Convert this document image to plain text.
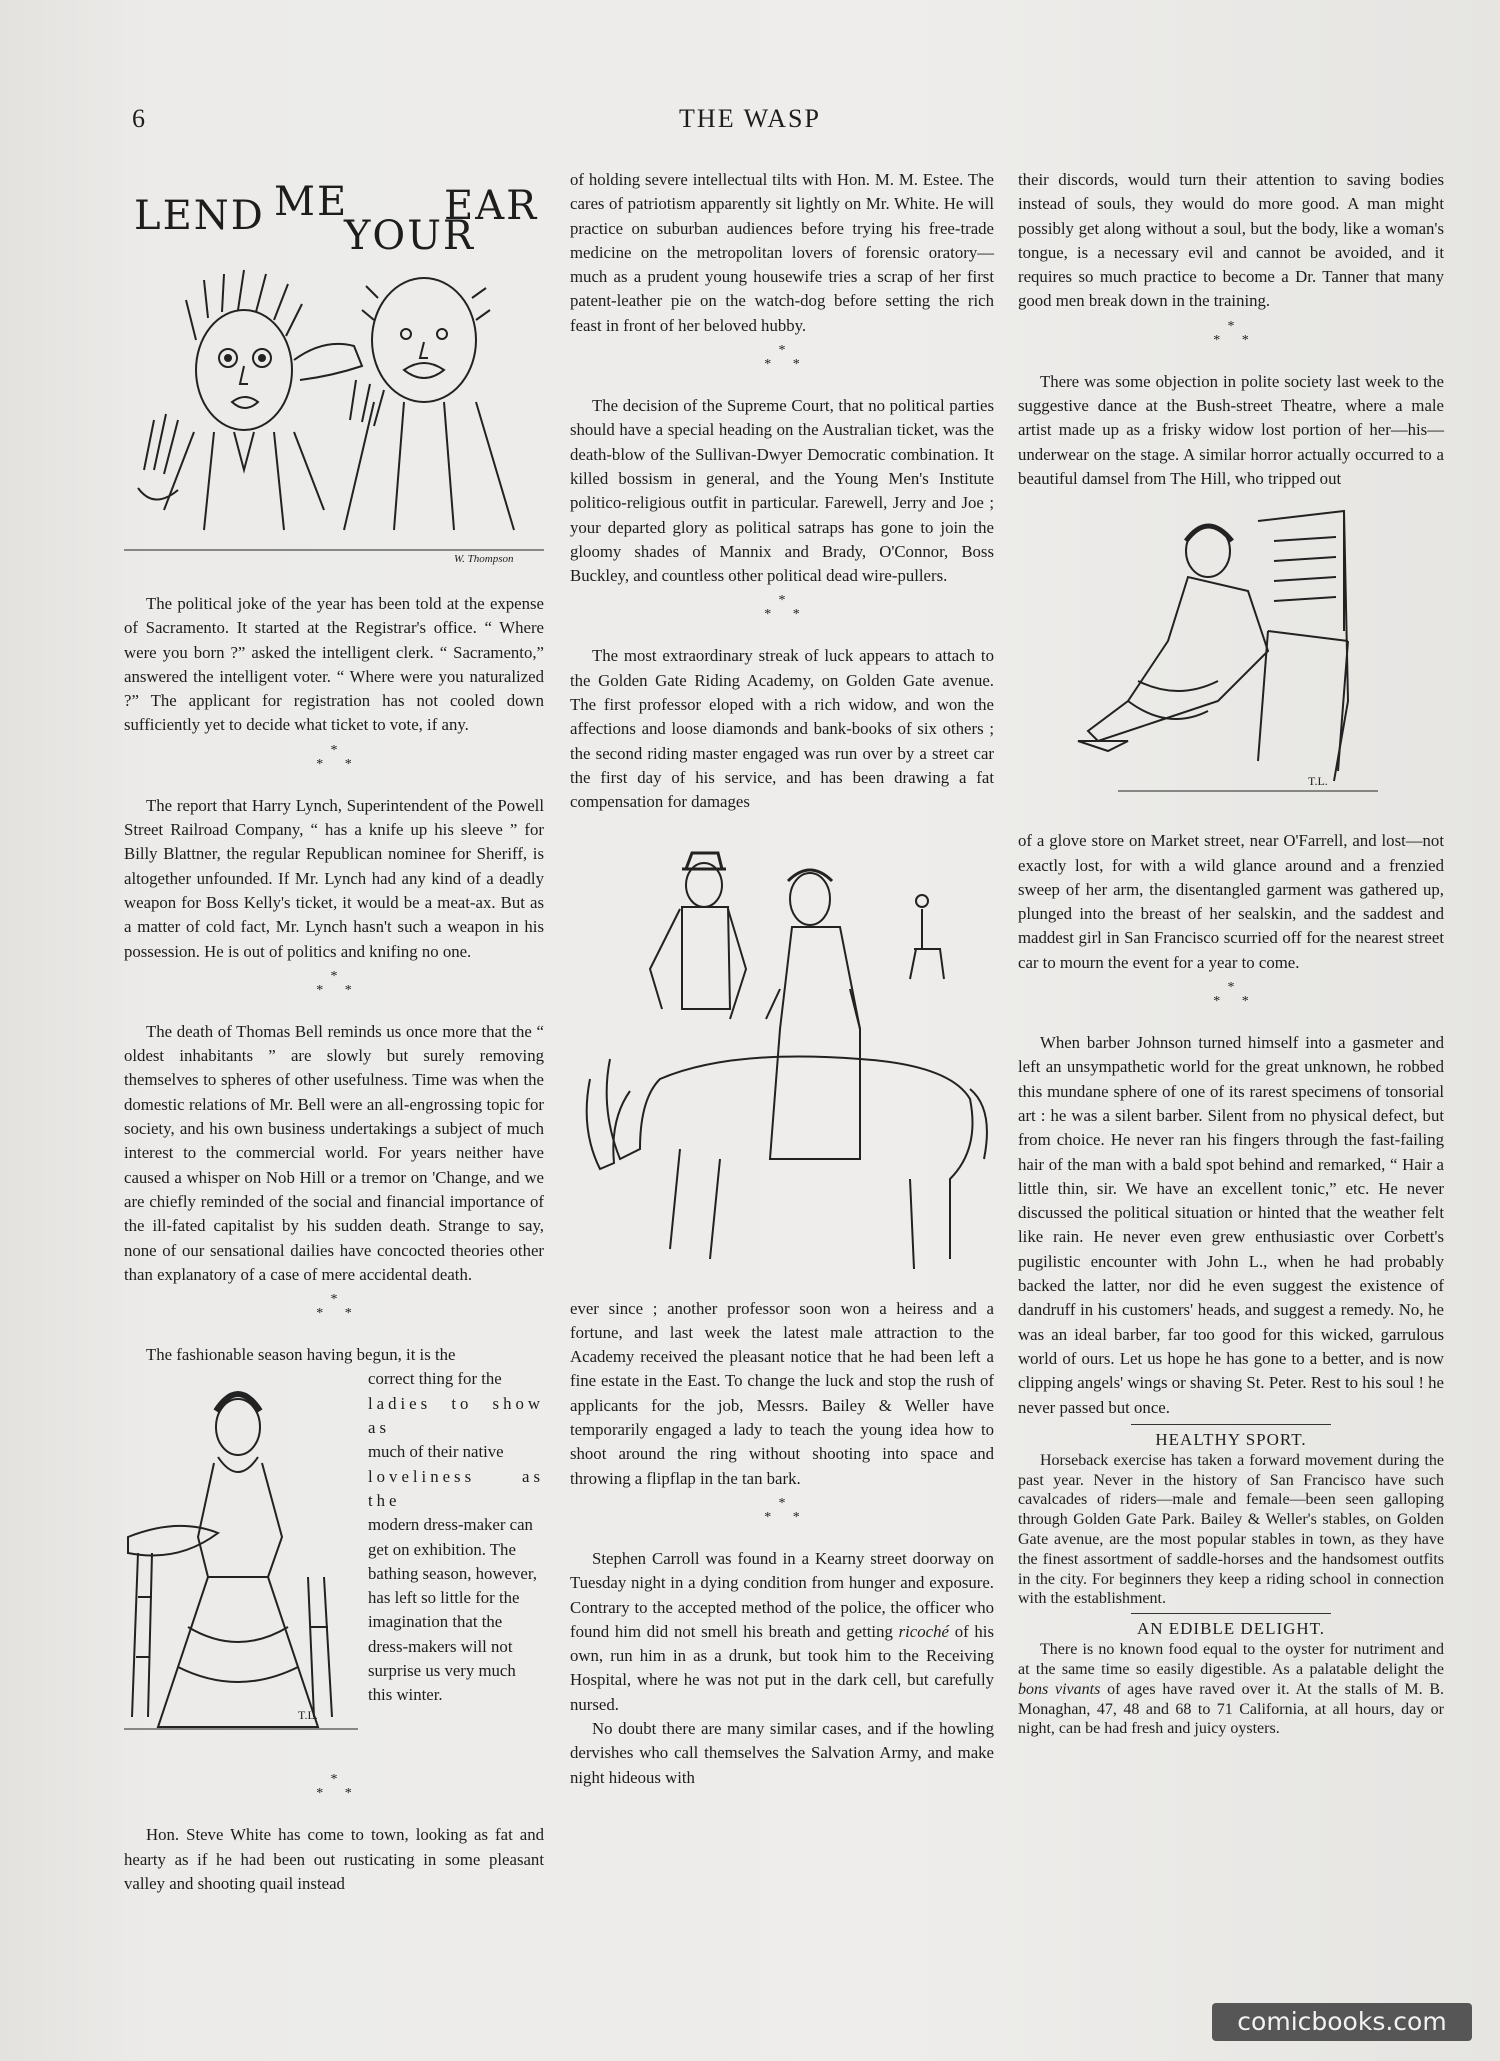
6	THE WASP
LEND ME
YOUR
EAR
W. Thompson

The political joke of the year has been told at the expense of Sacramento. It started at the Registrar's office. “ Where were you born ?” asked the intelligent clerk. “ Sacramento,” answered the intelligent voter. “ Where were you naturalized ?” The applicant for registration has not cooled down sufficiently yet to decide what ticket to vote, if any.

*
* *

The report that Harry Lynch, Superintendent of the Powell Street Railroad Company, “ has a knife up his sleeve ” for Billy Blattner, the regular Republican nominee for Sheriff, is altogether unfounded. If Mr. Lynch had any kind of a deadly weapon for Boss Kelly's ticket, it would be a meat-ax. But as a matter of cold fact, Mr. Lynch hasn't such a weapon in his possession. He is out of politics and knifing no one.

*
* *

The death of Thomas Bell reminds us once more that the “ oldest inhabitants ” are slowly but surely removing themselves to spheres of other usefulness. Time was when the domestic relations of Mr. Bell were an all-engrossing topic for society, and his own business undertakings a subject of much interest to the commercial world. For years neither have caused a whisper on Nob Hill or a tremor on 'Change, and we are chiefly reminded of the social and financial importance of the ill-fated capitalist by his sudden death. Strange to say, none of our sensational dailies have concocted theories other than explanatory of a case of mere accidental death.

*
* *

The fashionable season having begun, it is the

T.L.

correct thing for the

ladies to show as

much of their native

loveliness as the

modern dress-maker can get on exhibition. The bathing season, however, has left so little for the imagination that the dress-makers will not surprise us very much this winter.

*
* *

Hon. Steve White has come to town, looking as fat and hearty as if he had been out rusticating in some pleasant valley and shooting quail instead

of holding severe intellectual tilts with Hon. M. M. Estee. The cares of patriotism apparently sit lightly on Mr. White. He will practice on suburban audiences before trying his free-trade medicine on the metropolitan lovers of forensic oratory—much as a prudent young housewife tries a scrap of her first patent-leather pie on the watch-dog before setting the rich feast in front of her beloved hubby.

*
* *

The decision of the Supreme Court, that no political parties should have a special heading on the Australian ticket, was the death-blow of the Sullivan-Dwyer Democratic combination. It killed bossism in general, and the Young Men's Institute politico-religious outfit in particular. Farewell, Jerry and Joe ; your departed glory as political satraps has gone to join the gloomy shades of Mannix and Brady, O'Connor, Boss Buckley, and countless other political dead wire-pullers.

*
* *

The most extraordinary streak of luck appears to attach to the Golden Gate Riding Academy, on Golden Gate avenue. The first professor eloped with a rich widow, and won the affections and loose diamonds and bank-books of six others ; the second riding master engaged was run over by a street car the first day of his service, and has been drawing a fat compensation for damages

ever since ; another professor soon won a heiress and a fortune, and last week the latest male attraction to the Academy received the pleasant notice that he had been left a fine estate in the East. To change the luck and stop the rush of applicants for the job, Messrs. Bailey & Weller have temporarily engaged a lady to teach the young idea how to shoot around the ring without shooting into space and throwing a flipflap in the tan bark.

*
* *

Stephen Carroll was found in a Kearny street doorway on Tuesday night in a dying condition from hunger and exposure. Contrary to the accepted method of the police, the officer who found him did not smell his breath and getting ricoché of his own, run him in as a drunk, but took him to the Receiving Hospital, where he was not put in the dark cell, but carefully nursed.

No doubt there are many similar cases, and if the howling dervishes who call themselves the Salvation Army, and make night hideous with

their discords, would turn their attention to saving bodies instead of souls, they would do more good. A man might possibly get along without a soul, but the body, like a woman's tongue, is a necessary evil and cannot be avoided, and it requires so much practice to become a Dr. Tanner that many good men break down in the training.

*
* *

There was some objection in polite society last week to the suggestive dance at the Bush-street Theatre, where a male artist made up as a frisky widow lost portion of her—his—underwear on the stage. A similar horror actually occurred to a beautiful damsel from The Hill, who tripped out

T.L.

of a glove store on Market street, near O'Farrell, and lost—not exactly lost, for with a wild glance around and a frenzied sweep of her arm, the disentangled garment was gathered up, plunged into the breast of her sealskin, and the saddest and maddest girl in San Francisco scurried off for the nearest street car to mourn the event for a year to come.

*
* *

When barber Johnson turned himself into a gasmeter and left an unsympathetic world for the great unknown, he robbed this mundane sphere of one of its rarest specimens of tonsorial art : he was a silent barber. Silent from no physical defect, but from choice. He never ran his fingers through the fast-failing hair of the man with a bald spot behind and remarked, “ Hair a little thin, sir. We have an excellent tonic,” etc. He never discussed the political situation or hinted that the weather felt like rain. He never even grew enthusiastic over Corbett's pugilistic encounter with John L., when he had probably backed the latter, nor did he even suggest the existence of dandruff in his customers' heads, and suggest a remedy. No, he was an ideal barber, far too good for this wicked, garrulous world of ours. Let us hope he has gone to a better, and is now clipping angels' wings or shaving St. Peter. Rest to his soul ! he never passed but once.

HEALTHY SPORT.

Horseback exercise has taken a forward movement during the past year. Never in the history of San Francisco have such cavalcades of riders—male and female—been seen galloping through Golden Gate Park. Bailey & Weller's stables, on Golden Gate avenue, are the most popular stables in town, as they have the finest assortment of saddle-horses and the handsomest outfits in the city. For beginners they keep a riding school in connection with the establishment.

AN EDIBLE DELIGHT.

There is no known food equal to the oyster for nutriment and at the same time so easily digestible. As a palatable delight the bons vivants of ages have raved over it. At the stalls of M. B. Monaghan, 47, 48 and 68 to 71 California, at all hours, day or night, can be had fresh and juicy oysters.

comicbooks.com
